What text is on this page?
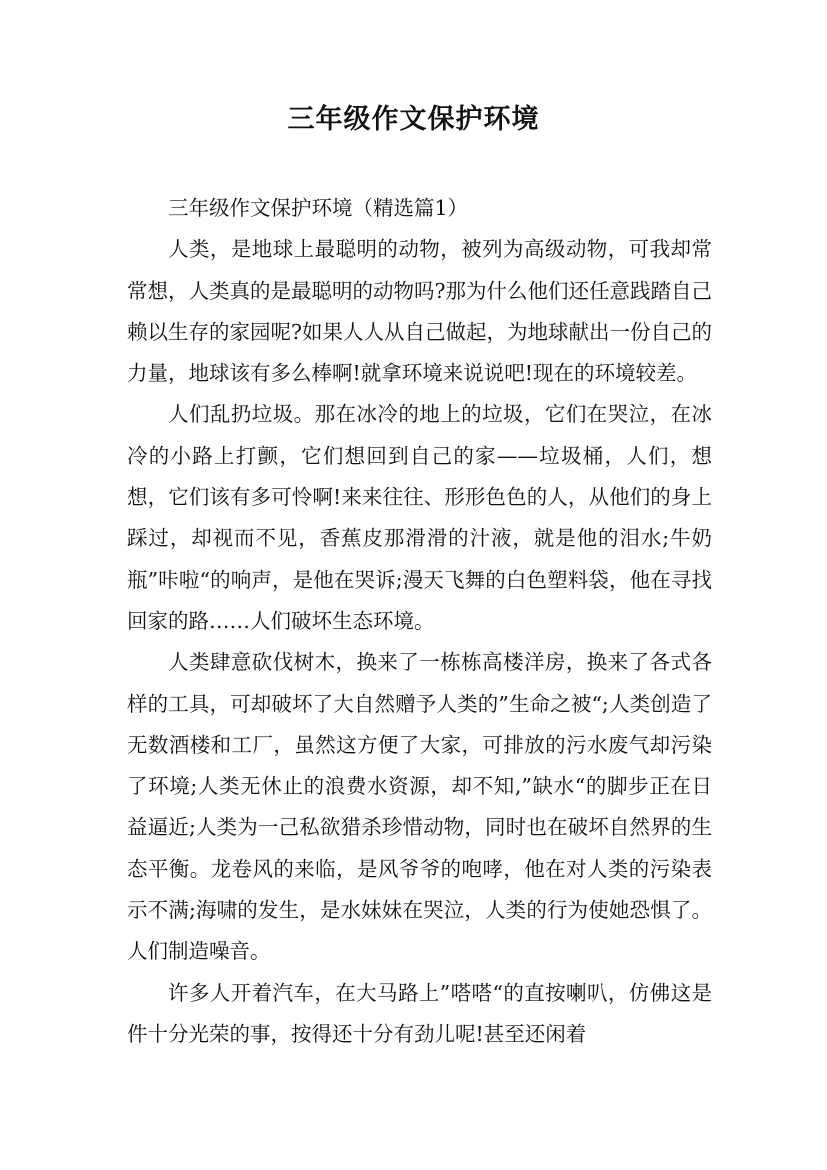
三年级作文保护环境
三年级作文保护环境（精选篇1）

人类，是地球上最聪明的动物，被列为高级动物，可我却常常想，人类真的是最聪明的动物吗?那为什么他们还任意践踏自己赖以生存的家园呢?如果人人从自己做起，为地球献出一份自己的力量，地球该有多么棒啊!就拿环境来说说吧!现在的环境较差。

人们乱扔垃圾。那在冰冷的地上的垃圾，它们在哭泣，在冰冷的小路上打颤，它们想回到自己的家——垃圾桶，人们，想想，它们该有多可怜啊!来来往往、形形色色的人，从他们的身上踩过，却视而不见，香蕉皮那滑滑的汁液，就是他的泪水;牛奶瓶”咔啦“的响声，是他在哭诉;漫天飞舞的白色塑料袋，他在寻找回家的路……人们破坏生态环境。

人类肆意砍伐树木，换来了一栋栋高楼洋房，换来了各式各样的工具，可却破坏了大自然赠予人类的”生命之被“;人类创造了无数酒楼和工厂，虽然这方便了大家，可排放的污水废气却污染了环境;人类无休止的浪费水资源，却不知,”缺水“的脚步正在日益逼近;人类为一己私欲猎杀珍惜动物，同时也在破坏自然界的生态平衡。龙卷风的来临，是风爷爷的咆哮，他在对人类的污染表示不满;海啸的发生，是水妹妹在哭泣，人类的行为使她恐惧了。人们制造噪音。

许多人开着汽车，在大马路上”嗒嗒“的直按喇叭，仿佛这是件十分光荣的事，按得还十分有劲儿呢!甚至还闲着
